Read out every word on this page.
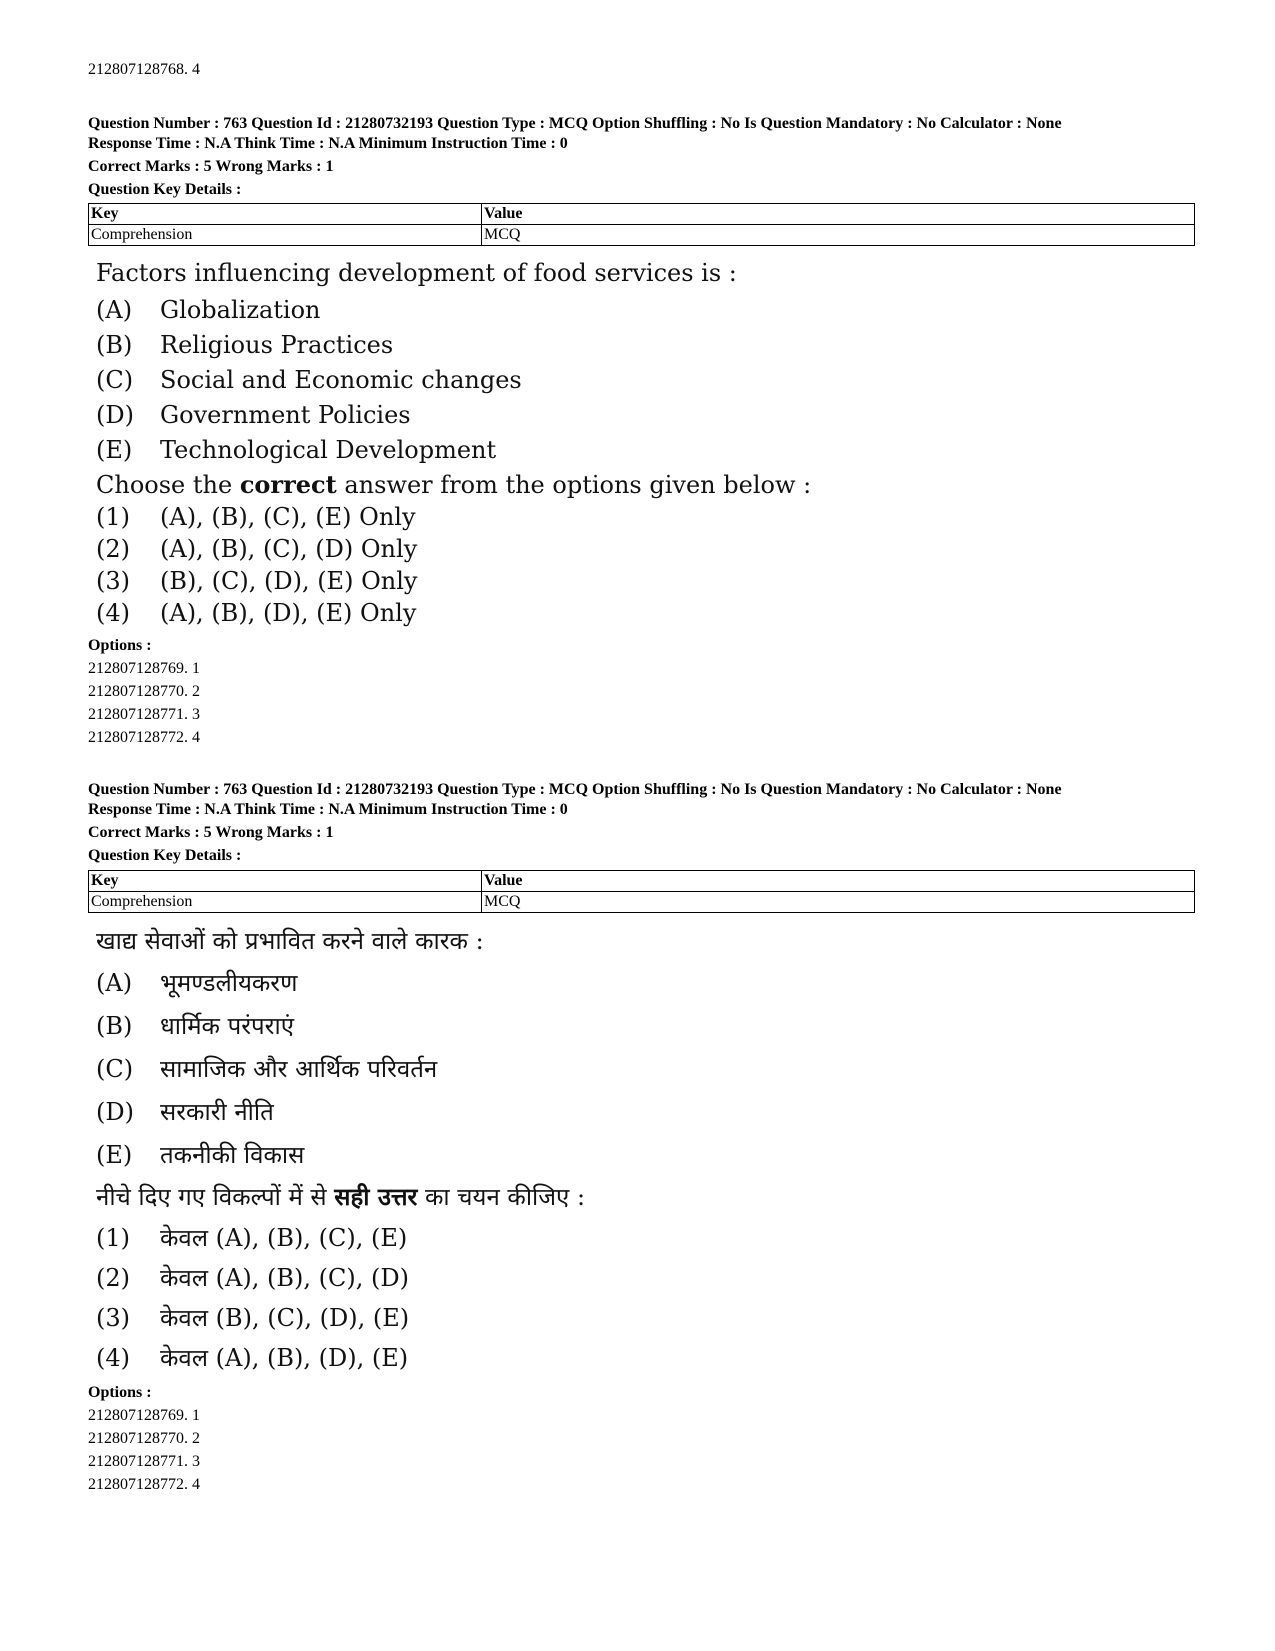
212807128768. 4
Question Number : 763 Question Id : 21280732193 Question Type : MCQ Option Shuffling : No Is Question Mandatory : No Calculator : None
Response Time : N.A Think Time : N.A Minimum Instruction Time : 0
Correct Marks : 5 Wrong Marks : 1
Question Key Details :
Key	Value
Comprehension	MCQ
Factors influencing development of food services is :
(A) Globalization
(B) Religious Practices
(C) Social and Economic changes
(D) Government Policies
(E) Technological Development
Choose the correct answer from the options given below :
(1) (A), (B), (C), (E) Only
(2) (A), (B), (C), (D) Only
(3) (B), (C), (D), (E) Only
(4) (A), (B), (D), (E) Only
Options :
212807128769. 1
212807128770. 2
212807128771. 3
212807128772. 4
Question Number : 763 Question Id : 21280732193 Question Type : MCQ Option Shuffling : No Is Question Mandatory : No Calculator : None
Response Time : N.A Think Time : N.A Minimum Instruction Time : 0
Correct Marks : 5 Wrong Marks : 1
Question Key Details :
Key	Value
Comprehension	MCQ
खाद्य सेवाओं को प्रभावित करने वाले कारक :
(A) भूमण्डलीयकरण
(B) धार्मिक परंपराएं
(C) सामाजिक और आर्थिक परिवर्तन
(D) सरकारी नीति
(E) तकनीकी विकास
नीचे दिए गए विकल्पों में से सही उत्तर का चयन कीजिए :
(1) केवल (A), (B), (C), (E)
(2) केवल (A), (B), (C), (D)
(3) केवल (B), (C), (D), (E)
(4) केवल (A), (B), (D), (E)
Options :
212807128769. 1
212807128770. 2
212807128771. 3
212807128772. 4
